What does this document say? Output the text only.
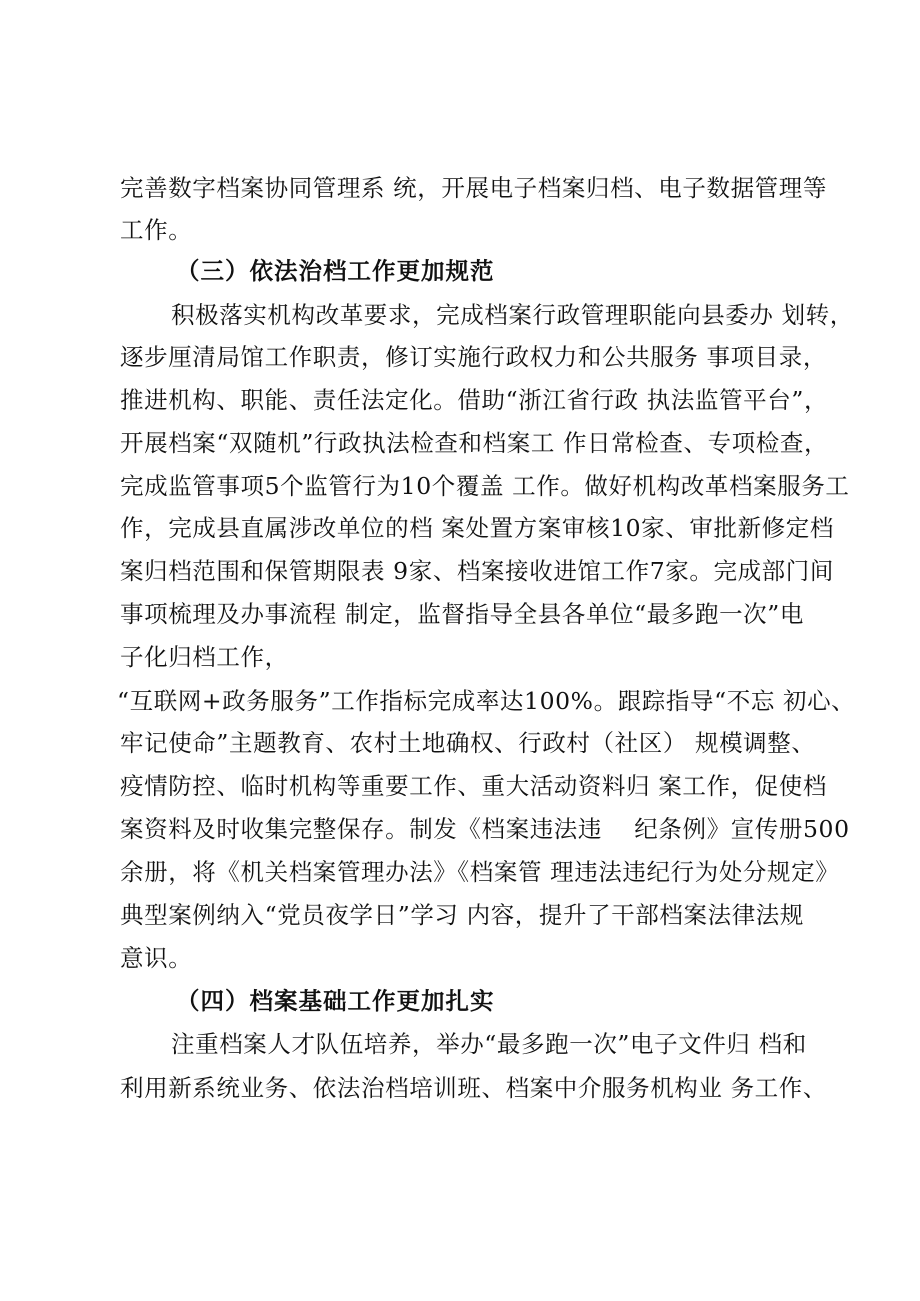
完善数字档案协同管理系 统，开展电子档案归档、电子数据管理等
工作。
（三）依法治档工作更加规范
积极落实机构改革要求，完成档案行政管理职能向县委办 划转，
逐步厘清局馆工作职责，修订实施行政权力和公共服务 事项目录，
推进机构、职能、责任法定化。借助“浙江省行政 执法监管平台”，
开展档案“双随机”行政执法检查和档案工 作日常检查、专项检查，
完成监管事项5个监管行为10个覆盖 工作。做好机构改革档案服务工
作，完成县直属涉改单位的档 案处置方案审核10家、审批新修定档
案归档范围和保管期限表 9家、档案接收进馆工作7家。完成部门间
事项梳理及办事流程 制定，监督指导全县各单位“最多跑一次”电
子化归档工作，
“互联网+政务服务”工作指标完成率达100%。跟踪指导“不忘 初心、
牢记使命”主题教育、农村土地确权、行政村（社区） 规模调整、
疫情防控、临时机构等重要工作、重大活动资料归 案工作，促使档
案资料及时收集完整保存。制发《档案违法违    纪条例》宣传册500
余册，将《机关档案管理办法》《档案管 理违法违纪行为处分规定》
典型案例纳入“党员夜学日”学习 内容，提升了干部档案法律法规
意识。
（四）档案基础工作更加扎实
注重档案人才队伍培养，举办“最多跑一次”电子文件归 档和
利用新系统业务、依法治档培训班、档案中介服务机构业 务工作、
